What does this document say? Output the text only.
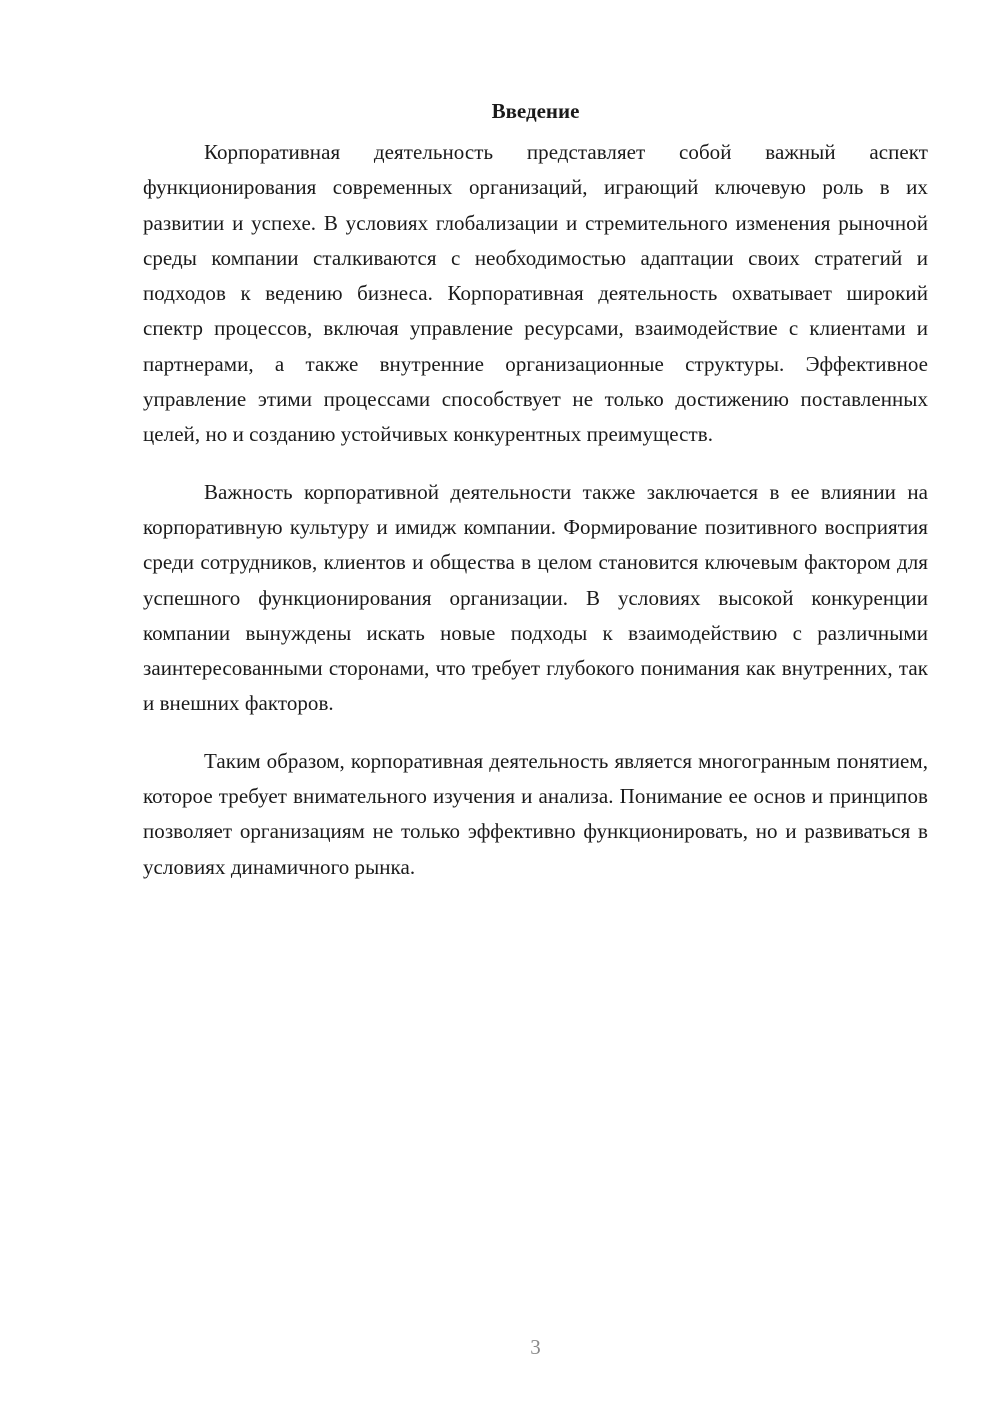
Введение

Корпоративная деятельность представляет собой важный аспект функционирования современных организаций, играющий ключевую роль в их развитии и успехе. В условиях глобализации и стремительного изменения рыночной среды компании сталкиваются с необходимостью адаптации своих стратегий и подходов к ведению бизнеса. Корпоративная деятельность охватывает широкий спектр процессов, включая управление ресурсами, взаимодействие с клиентами и партнерами, а также внутренние организационные структуры. Эффективное управление этими процессами способствует не только достижению поставленных целей, но и созданию устойчивых конкурентных преимуществ.

Важность корпоративной деятельности также заключается в ее влиянии на корпоративную культуру и имидж компании. Формирование позитивного восприятия среди сотрудников, клиентов и общества в целом становится ключевым фактором для успешного функционирования организации. В условиях высокой конкуренции компании вынуждены искать новые подходы к взаимодействию с различными заинтересованными сторонами, что требует глубокого понимания как внутренних, так и внешних факторов.

Таким образом, корпоративная деятельность является многогранным понятием, которое требует внимательного изучения и анализа. Понимание ее основ и принципов позволяет организациям не только эффективно функционировать, но и развиваться в условиях динамичного рынка.

3
